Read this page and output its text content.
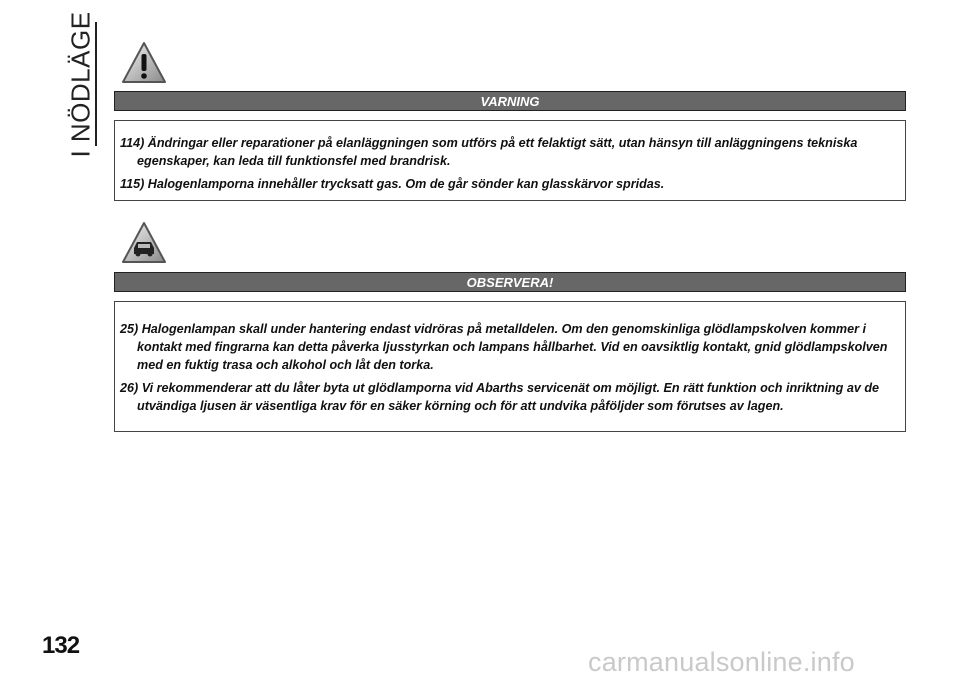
I NÖDLÄGE	VARNING

114) Ändringar eller reparationer på elanläggningen som utförs på ett felaktigt sätt, utan hänsyn till anläggningens tekniska egenskaper, kan leda till funktionsfel med brandrisk.

115) Halogenlamporna innehåller trycksatt gas. Om de går sönder kan glasskärvor spridas.

OBSERVERA!

25) Halogenlampan skall under hantering endast vidröras på metalldelen. Om den genomskinliga glödlampskolven kommer i kontakt med fingrarna kan detta påverka ljusstyrkan och lampans hållbarhet. Vid en oavsiktlig kontakt, gnid glödlampskolven med en fuktig trasa och alkohol och låt den torka.

26) Vi rekommenderar att du låter byta ut glödlamporna vid Abarths servicenät om möjligt. En rätt funktion och inriktning av de utvändiga ljusen är väsentliga krav för en säker körning och för att undvika påföljder som förutses av lagen.

132
carmanualsonline.info
